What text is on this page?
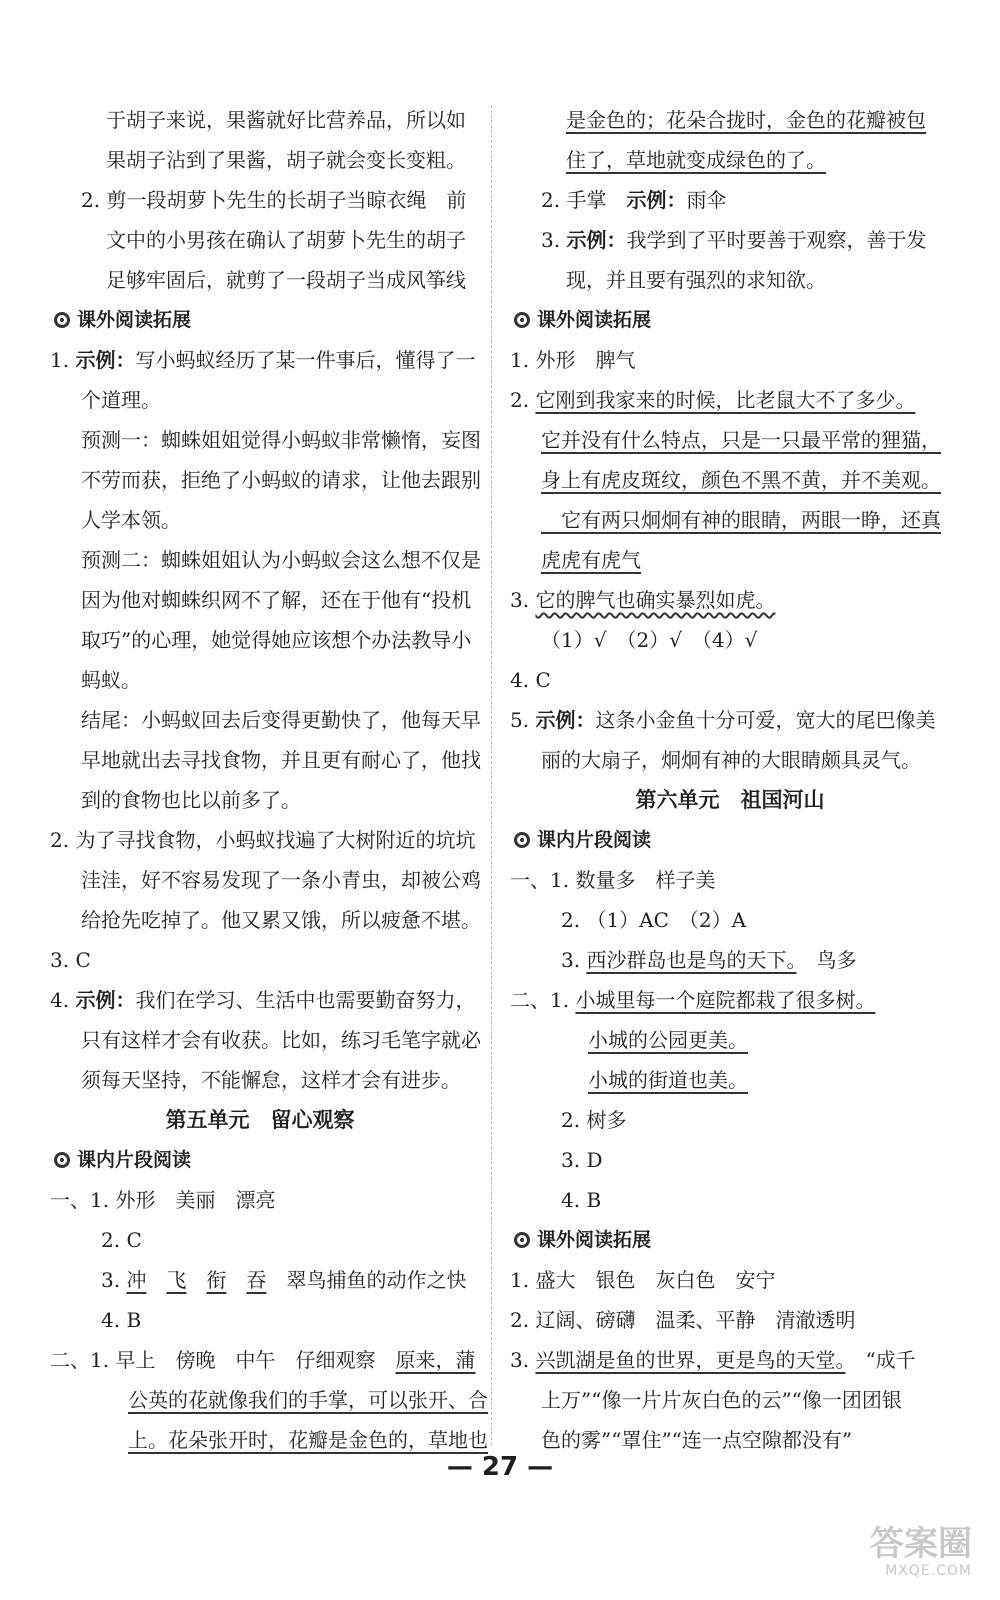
于胡子来说，果酱就好比营养品，所以如
果胡子沾到了果酱，胡子就会变长变粗。
2. 剪一段胡萝卜先生的长胡子当晾衣绳　前
文中的小男孩在确认了胡萝卜先生的胡子
足够牢固后，就剪了一段胡子当成风筝线
课外阅读拓展
1. 示例：写小蚂蚁经历了某一件事后，懂得了一
个道理。
预测一：蜘蛛姐姐觉得小蚂蚁非常懒惰，妄图
不劳而获，拒绝了小蚂蚁的请求，让他去跟别
人学本领。
预测二：蜘蛛姐姐认为小蚂蚁会这么想不仅是
因为他对蜘蛛织网不了解，还在于他有“投机
取巧”的心理，她觉得她应该想个办法教导小
蚂蚁。
结尾：小蚂蚁回去后变得更勤快了，他每天早
早地就出去寻找食物，并且更有耐心了，他找
到的食物也比以前多了。
2. 为了寻找食物，小蚂蚁找遍了大树附近的坑坑
洼洼，好不容易发现了一条小青虫，却被公鸡
给抢先吃掉了。他又累又饿，所以疲惫不堪。
3. C
4. 示例：我们在学习、生活中也需要勤奋努力，
只有这样才会有收获。比如，练习毛笔字就必
须每天坚持，不能懈怠，这样才会有进步。
第五单元　留心观察
课内片段阅读
一、1. 外形　美丽　漂亮
　2. C
　3. 冲　 飞　 衔　 吞　翠鸟捕鱼的动作之快
　4. B
二、1. 早上　傍晚　中午　仔细观察　原来，蒲
公英的花就像我们的手掌，可以张开、合
上。花朵张开时，花瓣是金色的，草地也
是金色的；花朵合拢时，金色的花瓣被包
住了，草地就变成绿色的了。
2. 手掌　示例：雨伞
3. 示例：我学到了平时要善于观察，善于发
现，并且要有强烈的求知欲。
课外阅读拓展
1. 外形　脾气
2. 它刚到我家来的时候，比老鼠大不了多少。
它并没有什么特点，只是一只最平常的狸猫，
身上有虎皮斑纹，颜色不黑不黄，并不美观。
　它有两只炯炯有神的眼睛，两眼一睁，还真
虎虎有虎气
3. 它的脾气也确实暴烈如虎。
（1）√　（2）√　（4）√
4. C
5. 示例：这条小金鱼十分可爱，宽大的尾巴像美
丽的大扇子，炯炯有神的大眼睛颇具灵气。
第六单元　祖国河山
课内片段阅读
一、1. 数量多　样子美
　2. （1）AC　（2）A
　3. 西沙群岛也是鸟的天下。　鸟多
二、1. 小城里每一个庭院都栽了很多树。
小城的公园更美。
小城的街道也美。
　2. 树多
　3. D
　4. B
课外阅读拓展
1. 盛大　银色　灰白色　安宁
2. 辽阔、磅礴　温柔、平静　清澈透明
3. 兴凯湖是鱼的世界，更是鸟的天堂。　“成千
上万”“像一片片灰白色的云”“像一团团银
色的雾”“罩住”“连一点空隙都没有”
— 27 —
答案圈
MXQE.COM
